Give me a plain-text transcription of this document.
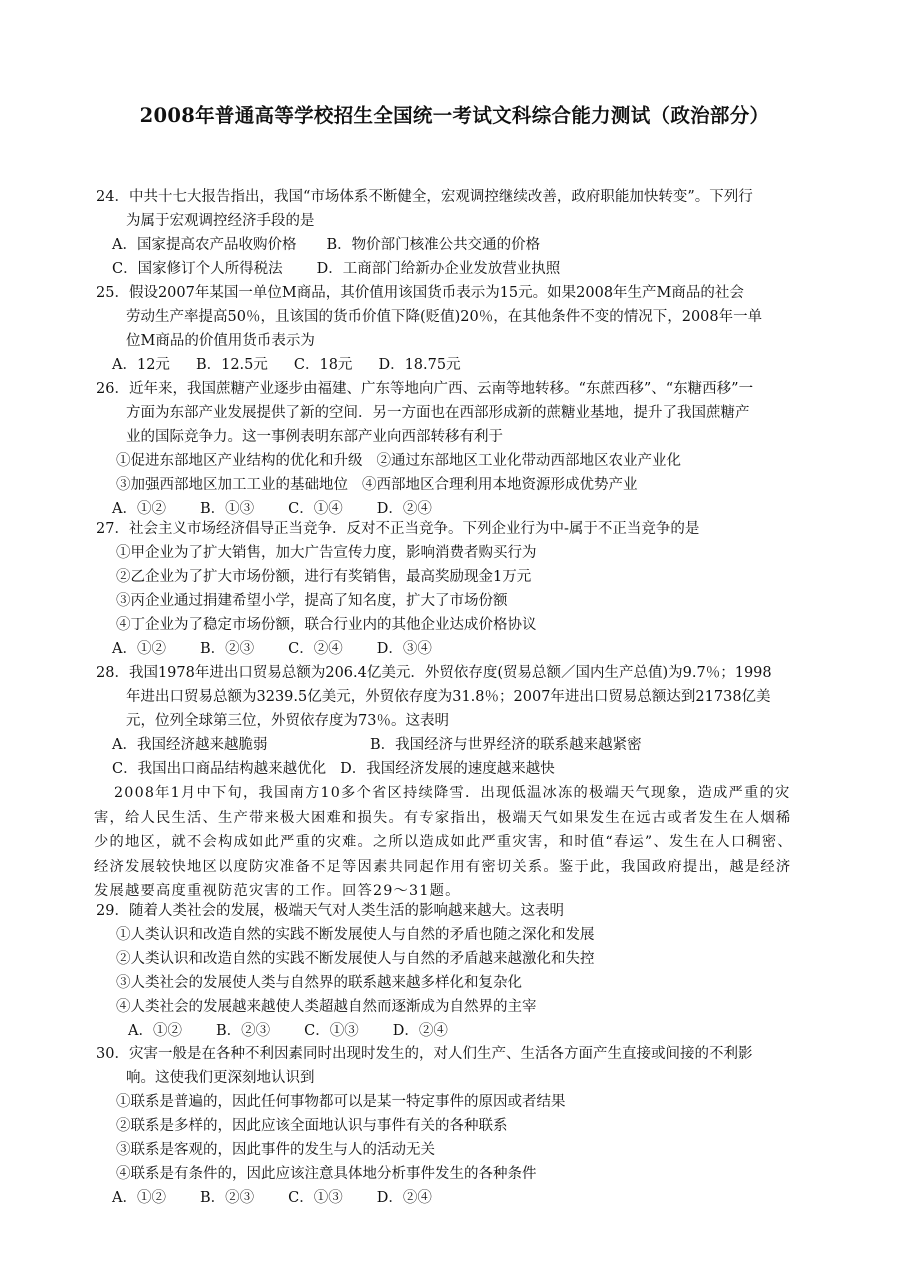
2008年普通高等学校招生全国统一考试文科综合能力测试（政治部分）
24．中共十七大报告指出，我国“市场体系不断健全，宏观调控继续改善，政府职能加快转变”。下列行
为属于宏观调控经济手段的是
A．国家提高农产品收购价格 B．物价部门核准公共交通的价格
C．国家修订个人所得税法 D．工商部门给新办企业发放营业执照
25．假设2007年某国一单位M商品，其价值用该国货币表示为15元。如果2008年生产M商品的社会
劳动生产率提高50％，且该国的货币价值下降(贬值)20％，在其他条件不变的情况下，2008年一单
位M商品的价值用货币表示为
A．12元 B．12.5元 C．18元 D．18.75元
26．近年来，我国蔗糖产业逐步由福建、广东等地向广西、云南等地转移。“东蔗西移”、“东糖西移”一
方面为东部产业发展提供了新的空间．另一方面也在西部形成新的蔗糖业基地，提升了我国蔗糖产
业的国际竞争力。这一事例表明东部产业向西部转移有利于
①促进东部地区产业结构的优化和升级 ②通过东部地区工业化带动西部地区农业产业化
③加强西部地区加工工业的基础地位 ④西部地区合理利用本地资源形成优势产业
A．①② B．①③ C．①④ D．②④
27．社会主义市场经济倡导正当竞争．反对不正当竞争。下列企业行为中-属于不正当竞争的是
①甲企业为了扩大销售，加大广告宣传力度，影响消费者购买行为
②乙企业为了扩大市场份额，进行有奖销售，最高奖励现金1万元
③丙企业通过捐建希望小学，提高了知名度，扩大了市场份额
④丁企业为了稳定市场份额，联合行业内的其他企业达成价格协议
A．①② B．②③ C．②④ D．③④
28．我国1978年进出口贸易总额为206.4亿美元．外贸依存度(贸易总额／国内生产总值)为9.7％；1998
年进出口贸易总额为3239.5亿美元，外贸依存度为31.8％；2007年进出口贸易总额达到21738亿美
元，位列全球第三位，外贸依存度为73％。这表明
A．我国经济越来越脆弱	B．我国经济与世界经济的联系越来越紧密
C．我国出口商品结构越来越优化 D．我国经济发展的速度越来越快
2008年1月中下旬，我国南方10多个省区持续降雪．出现低温冰冻的极端天气现象，造成严重的灾
害，给人民生活、生产带来极大困难和损失。有专家指出，极端天气如果发生在远古或者发生在人烟稀
少的地区，就不会构成如此严重的灾难。之所以造成如此严重灾害，和时值“春运”、发生在人口稠密、
经济发展较快地区以度防灾准备不足等因素共同起作用有密切关系。鉴于此，我国政府提出，越是经济
发展越要高度重视防范灾害的工作。回答29～31题。
29．随着人类社会的发展，极端天气对人类生活的影响越来越大。这表明
①人类认识和改造自然的实践不断发展使人与自然的矛盾也随之深化和发展
②人类认识和改造自然的实践不断发展使人与自然的矛盾越来越激化和失控
③人类社会的发展使人类与自然界的联系越来越多样化和复杂化
④人类社会的发展越来越使人类超越自然而逐渐成为自然界的主宰
A．①② B．②③ C．①③ D．②④
30．灾害一般是在各种不利因素同时出现时发生的，对人们生产、生活各方面产生直接或间接的不利影
响。这使我们更深刻地认识到
①联系是普遍的，因此任何事物都可以是某一特定事件的原因或者结果
②联系是多样的，因此应该全面地认识与事件有关的各种联系
③联系是客观的，因此事件的发生与人的活动无关
④联系是有条件的，因此应该注意具体地分析事件发生的各种条件
A．①② B．②③ C．①③ D．②④
